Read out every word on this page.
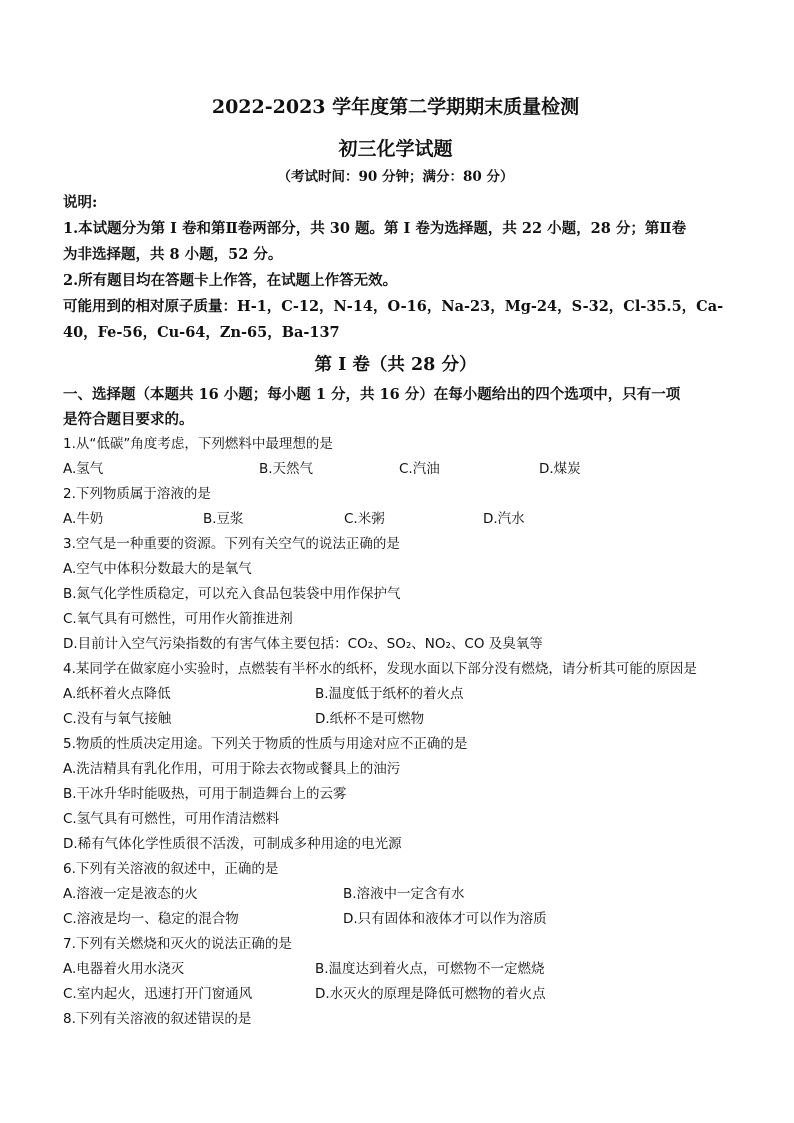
2022-2023 学年度第二学期期末质量检测
初三化学试题
（考试时间：90 分钟；满分：80 分）
说明:
1.本试题分为第 I 卷和第Ⅱ卷两部分，共 30 题。第 I 卷为选择题，共 22 小题，28 分；第Ⅱ卷
为非选择题，共 8 小题，52 分。
2.所有题目均在答题卡上作答，在试题上作答无效。
可能用到的相对原子质量：H-1，C-12，N-14，O-16，Na-23，Mg-24，S-32，Cl-35.5，Ca-
40，Fe-56，Cu-64，Zn-65，Ba-137
第 I 卷（共 28 分）
一、选择题（本题共 16 小题；每小题 1 分，共 16 分）在每小题给出的四个选项中，只有一项
是符合题目要求的。
1.从“低碳”角度考虑，下列燃料中最理想的是
A.氢气	B.天然气	C.汽油	D.煤炭
2.下列物质属于溶液的是
A.牛奶	B.豆浆	C.米粥	D.汽水
3.空气是一种重要的资源。下列有关空气的说法正确的是
A.空气中体积分数最大的是氧气
B.氮气化学性质稳定，可以充入食品包装袋中用作保护气
C.氧气具有可燃性，可用作火箭推进剂
D.目前计入空气污染指数的有害气体主要包括：CO₂、SO₂、NO₂、CO 及臭氧等
4.某同学在做家庭小实验时，点燃装有半杯水的纸杯，发现水面以下部分没有燃烧，请分析其可能的原因是
A.纸杯着火点降低	B.温度低于纸杯的着火点
C.没有与氧气接触	D.纸杯不是可燃物
5.物质的性质决定用途。下列关于物质的性质与用途对应不正确的是
A.洗洁精具有乳化作用，可用于除去衣物或餐具上的油污
B.干冰升华时能吸热，可用于制造舞台上的云雾
C.氢气具有可燃性，可用作清洁燃料
D.稀有气体化学性质很不活泼，可制成多种用途的电光源
6.下列有关溶液的叙述中，正确的是
A.溶液一定是液态的火	B.溶液中一定含有水
C.溶液是均一、稳定的混合物	D.只有固体和液体才可以作为溶质
7.下列有关燃烧和灭火的说法正确的是
A.电器着火用水浇灭	B.温度达到着火点，可燃物不一定燃烧
C.室内起火，迅速打开门窗通风	D.水灭火的原理是降低可燃物的着火点
8.下列有关溶液的叙述错误的是
